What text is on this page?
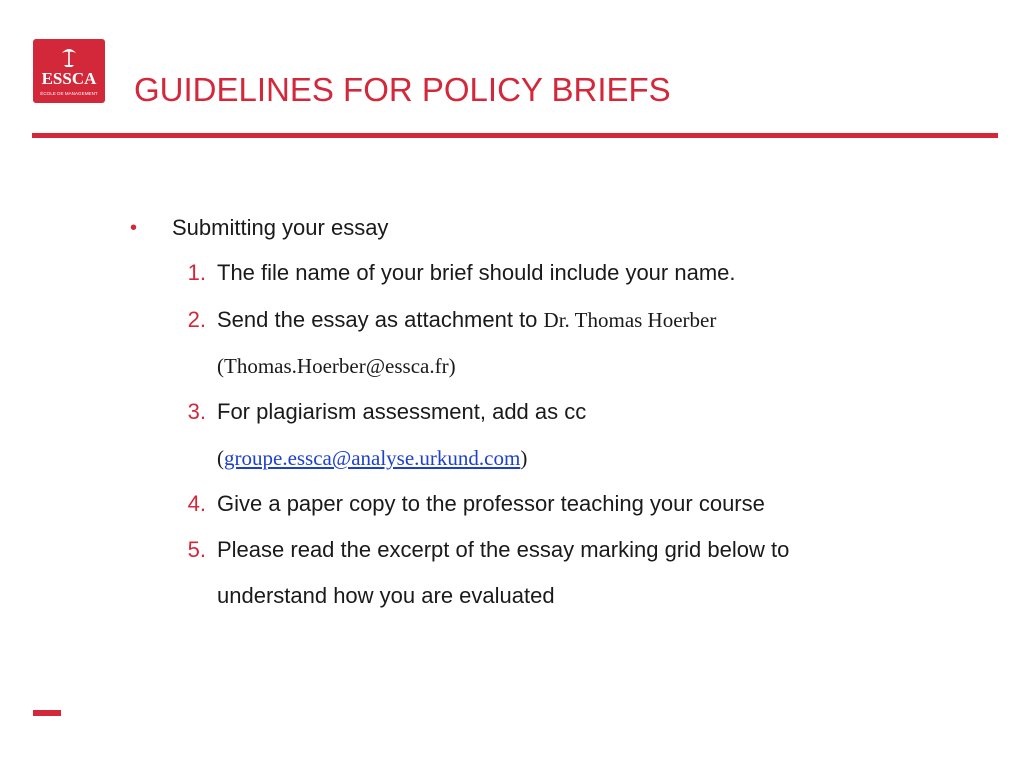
ESSCA
ÉCOLE DE MANAGEMENT GUIDELINES FOR POLICY BRIEFS
• Submitting your essay
1. The file name of your brief should include your name.
2. Send the essay as attachment to Dr. Thomas Hoerber
(Thomas.Hoerber@essca.fr)
3. For plagiarism assessment, add as cc
(groupe.essca@analyse.urkund.com)
4. Give a paper copy to the professor teaching your course
5. Please read the excerpt of the essay marking grid below to
understand how you are evaluated
